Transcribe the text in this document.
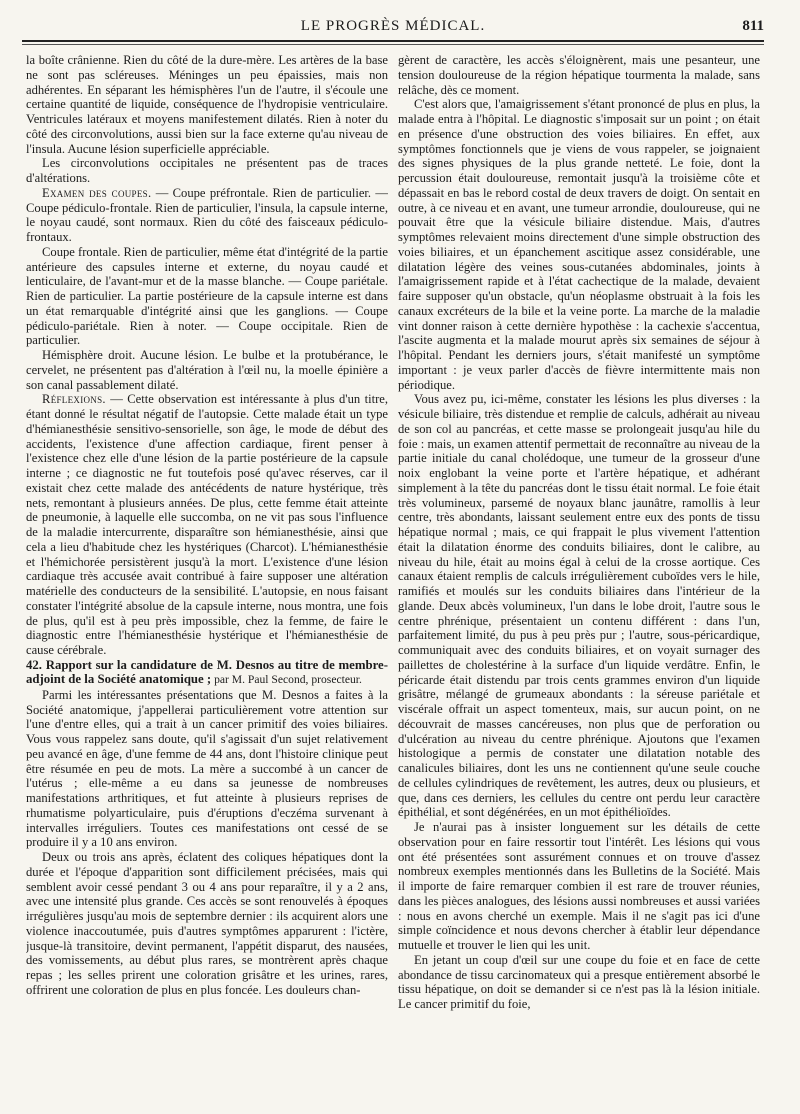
LE PROGRÈS MÉDICAL.	811

la boîte crânienne. Rien du côté de la dure-mère. Les artères de la base ne sont pas scléreuses. Méninges un peu épaissies, mais non adhérentes. En séparant les hémisphères l'un de l'autre, il s'écoule une certaine quantité de liquide, conséquence de l'hydropisie ventriculaire. Ventricules latéraux et moyens manifestement dilatés. Rien à noter du côté des circonvolutions, aussi bien sur la face externe qu'au niveau de l'insula. Aucune lésion superficielle appréciable.

Les circonvolutions occipitales ne présentent pas de traces d'altérations.

Examen des coupes. — Coupe préfrontale. Rien de particulier. — Coupe pédiculo-frontale. Rien de particulier, l'insula, la capsule interne, le noyau caudé, sont normaux. Rien du côté des faisceaux pédiculo-frontaux.

Coupe frontale. Rien de particulier, même état d'intégrité de la partie antérieure des capsules interne et externe, du noyau caudé et lenticulaire, de l'avant-mur et de la masse blanche. — Coupe pariétale. Rien de particulier. La partie postérieure de la capsule interne est dans un état remarquable d'intégrité ainsi que les ganglions. — Coupe pédiculo-pariétale. Rien à noter. — Coupe occipitale. Rien de particulier.

Hémisphère droit. Aucune lésion. Le bulbe et la protubérance, le cervelet, ne présentent pas d'altération à l'œil nu, la moelle épinière a son canal passablement dilaté.

Réflexions. — Cette observation est intéressante à plus d'un titre, étant donné le résultat négatif de l'autopsie. Cette malade était un type d'hémianesthésie sensitivo-sensorielle, son âge, le mode de début des accidents, l'existence d'une affection cardiaque, firent penser à l'existence chez elle d'une lésion de la partie postérieure de la capsule interne ; ce diagnostic ne fut toutefois posé qu'avec réserves, car il existait chez cette malade des antécédents de nature hystérique, très nets, remontant à plusieurs années. De plus, cette femme était atteinte de pneumonie, à laquelle elle succomba, on ne vit pas sous l'influence de la maladie intercurrente, disparaître son hémianesthésie, ainsi que cela a lieu d'habitude chez les hystériques (Charcot). L'hémianesthésie et l'hémichorée persistèrent jusqu'à la mort. L'existence d'une lésion cardiaque très accusée avait contribué à faire supposer une altération matérielle des conducteurs de la sensibilité. L'autopsie, en nous faisant constater l'intégrité absolue de la capsule interne, nous montra, une fois de plus, qu'il est à peu près impossible, chez la femme, de faire le diagnostic entre l'hémianesthésie hystérique et l'hémianesthésie de cause cérébrale.

42. Rapport sur la candidature de M. Desnos au titre de membre-adjoint de la Société anatomique ; par M. Paul Second, prosecteur.

Parmi les intéressantes présentations que M. Desnos a faites à la Société anatomique, j'appellerai particulièrement votre attention sur l'une d'entre elles, qui a trait à un cancer primitif des voies biliaires. Vous vous rappelez sans doute, qu'il s'agissait d'un sujet relativement peu avancé en âge, d'une femme de 44 ans, dont l'histoire clinique peut être résumée en peu de mots. La mère a succombé à un cancer de l'utérus ; elle-même a eu dans sa jeunesse de nombreuses manifestations arthritiques, et fut atteinte à plusieurs reprises de rhumatisme polyarticulaire, puis d'éruptions d'eczéma survenant à intervalles irréguliers. Toutes ces manifestations ont cessé de se produire il y a 10 ans environ.

Deux ou trois ans après, éclatent des coliques hépatiques dont la durée et l'époque d'apparition sont difficilement précisées, mais qui semblent avoir cessé pendant 3 ou 4 ans pour reparaître, il y a 2 ans, avec une intensité plus grande. Ces accès se sont renouvelés à époques irrégulières jusqu'au mois de septembre dernier : ils acquirent alors une violence inaccoutumée, puis d'autres symptômes apparurent : l'ictère, jusque-là transitoire, devint permanent, l'appétit disparut, des nausées, des vomissements, au début plus rares, se montrèrent après chaque repas ; les selles prirent une coloration grisâtre et les urines, rares, offrirent une coloration de plus en plus foncée. Les douleurs chan-

gèrent de caractère, les accès s'éloignèrent, mais une pesanteur, une tension douloureuse de la région hépatique tourmenta la malade, sans relâche, dès ce moment.

C'est alors que, l'amaigrissement s'étant prononcé de plus en plus, la malade entra à l'hôpital. Le diagnostic s'imposait sur un point ; on était en présence d'une obstruction des voies biliaires. En effet, aux symptômes fonctionnels que je viens de vous rappeler, se joignaient des signes physiques de la plus grande netteté. Le foie, dont la percussion était douloureuse, remontait jusqu'à la troisième côte et dépassait en bas le rebord costal de deux travers de doigt. On sentait en outre, à ce niveau et en avant, une tumeur arrondie, douloureuse, qui ne pouvait être que la vésicule biliaire distendue. Mais, d'autres symptômes relevaient moins directement d'une simple obstruction des voies biliaires, et un épanchement ascitique assez considérable, une dilatation légère des veines sous-cutanées abdominales, joints à l'amaigrissement rapide et à l'état cachectique de la malade, devaient faire supposer qu'un obstacle, qu'un néoplasme obstruait à la fois les canaux excréteurs de la bile et la veine porte. La marche de la maladie vint donner raison à cette dernière hypothèse : la cachexie s'accentua, l'ascite augmenta et la malade mourut après six semaines de séjour à l'hôpital. Pendant les derniers jours, s'était manifesté un symptôme important : je veux parler d'accès de fièvre intermittente mais non périodique.

Vous avez pu, ici-même, constater les lésions les plus diverses : la vésicule biliaire, très distendue et remplie de calculs, adhérait au niveau de son col au pancréas, et cette masse se prolongeait jusqu'au hile du foie : mais, un examen attentif permettait de reconnaître au niveau de la partie initiale du canal cholédoque, une tumeur de la grosseur d'une noix englobant la veine porte et l'artère hépatique, et adhérant simplement à la tête du pancréas dont le tissu était normal. Le foie était très volumineux, parsemé de noyaux blanc jaunâtre, ramollis à leur centre, très abondants, laissant seulement entre eux des ponts de tissu hépatique normal ; mais, ce qui frappait le plus vivement l'attention était la dilatation énorme des conduits biliaires, dont le calibre, au niveau du hile, était au moins égal à celui de la crosse aortique. Ces canaux étaient remplis de calculs irrégulièrement cuboïdes vers le hile, ramifiés et moulés sur les conduits biliaires dans l'intérieur de la glande. Deux abcès volumineux, l'un dans le lobe droit, l'autre sous le centre phrénique, présentaient un contenu différent : dans l'un, parfaitement limité, du pus à peu près pur ; l'autre, sous-péricardique, communiquait avec des conduits biliaires, et on voyait surnager des paillettes de cholestérine à la surface d'un liquide verdâtre. Enfin, le péricarde était distendu par trois cents grammes environ d'un liquide grisâtre, mélangé de grumeaux abondants : la séreuse pariétale et viscérale offrait un aspect tomenteux, mais, sur aucun point, on ne découvrait de masses cancéreuses, non plus que de perforation ou d'ulcération au niveau du centre phrénique. Ajoutons que l'examen histologique a permis de constater une dilatation notable des canalicules biliaires, dont les uns ne contiennent qu'une seule couche de cellules cylindriques de revêtement, les autres, deux ou plusieurs, et que, dans ces derniers, les cellules du centre ont perdu leur caractère épithélial, et sont dégénérées, en un mot épithélioïdes.

Je n'aurai pas à insister longuement sur les détails de cette observation pour en faire ressortir tout l'intérêt. Les lésions qui vous ont été présentées sont assurément connues et on trouve d'assez nombreux exemples mentionnés dans les Bulletins de la Société. Mais il importe de faire remarquer combien il est rare de trouver réunies, dans les pièces analogues, des lésions aussi nombreuses et aussi variées : nous en avons cherché un exemple. Mais il ne s'agit pas ici d'une simple coïncidence et nous devons chercher à établir leur dépendance mutuelle et trouver le lien qui les unit.

En jetant un coup d'œil sur une coupe du foie et en face de cette abondance de tissu carcinomateux qui a presque entièrement absorbé le tissu hépatique, on doit se demander si ce n'est pas là la lésion initiale. Le cancer primitif du foie,
